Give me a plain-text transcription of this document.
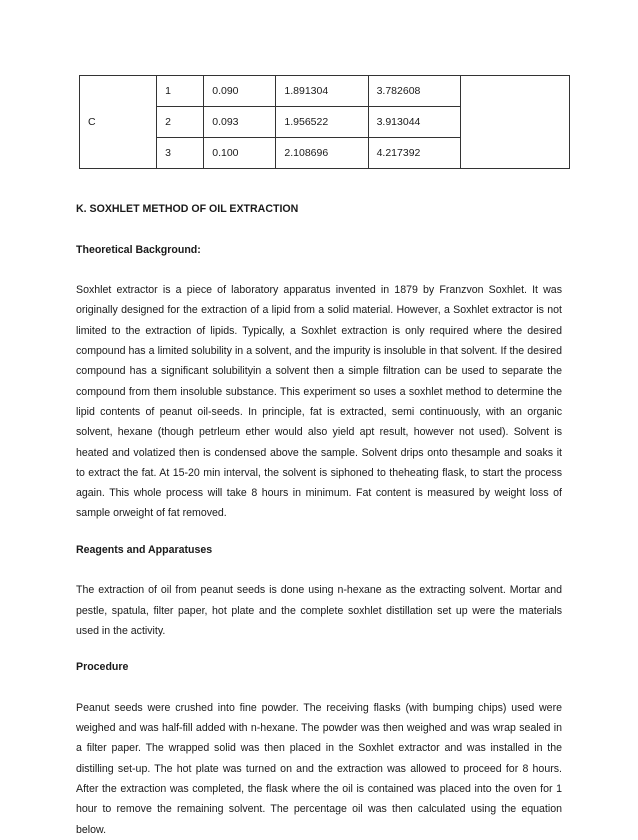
C	1	0.090	1.891304	3.782608	
	2	0.093	1.956522	3.913044	
	3	0.100	2.108696	4.217392	

K. SOXHLET METHOD OF OIL EXTRACTION

Theoretical Background:

Soxhlet extractor is a piece of laboratory apparatus invented in 1879 by Franzvon Soxhlet. It was originally designed for the extraction of a lipid from a solid material. However, a Soxhlet extractor is not limited to the extraction of lipids. Typically, a Soxhlet extraction is only required where the desired compound has a limited solubility in a solvent, and the impurity is insoluble in that solvent. If the desired compound has a significant solubilityin a solvent then a simple filtration can be used to separate the compound from them insoluble substance. This experiment so uses a soxhlet method to determine the lipid contents of peanut oil-seeds. In principle, fat is extracted, semi continuously, with an organic solvent, hexane (though petrleum ether would also yield apt result, however not used). Solvent is heated and volatized then is condensed above the sample. Solvent drips onto thesample and soaks it to extract the fat. At 15-20 min interval, the solvent is siphoned to theheating flask, to start the process again. This whole process will take 8 hours in minimum. Fat content is measured by weight loss of sample orweight of fat removed.

Reagents and Apparatuses

The extraction of oil from peanut seeds is done using n-hexane as the extracting solvent. Mortar and pestle, spatula, filter paper, hot plate and the complete soxhlet distillation set up were the materials used in the activity.

Procedure

Peanut seeds were crushed into fine powder. The receiving flasks (with bumping chips) used were weighed and was half-fill added with n-hexane. The powder was then weighed and was wrap sealed in a filter paper. The wrapped solid was then placed in the Soxhlet extractor and was installed in the distilling set-up. The hot plate was turned on and the extraction was allowed to proceed for 8 hours. After the extraction was completed, the flask where the oil is contained was placed into the oven for 1 hour to remove the remaining solvent. The percentage oil was then calculated using the equation below.
